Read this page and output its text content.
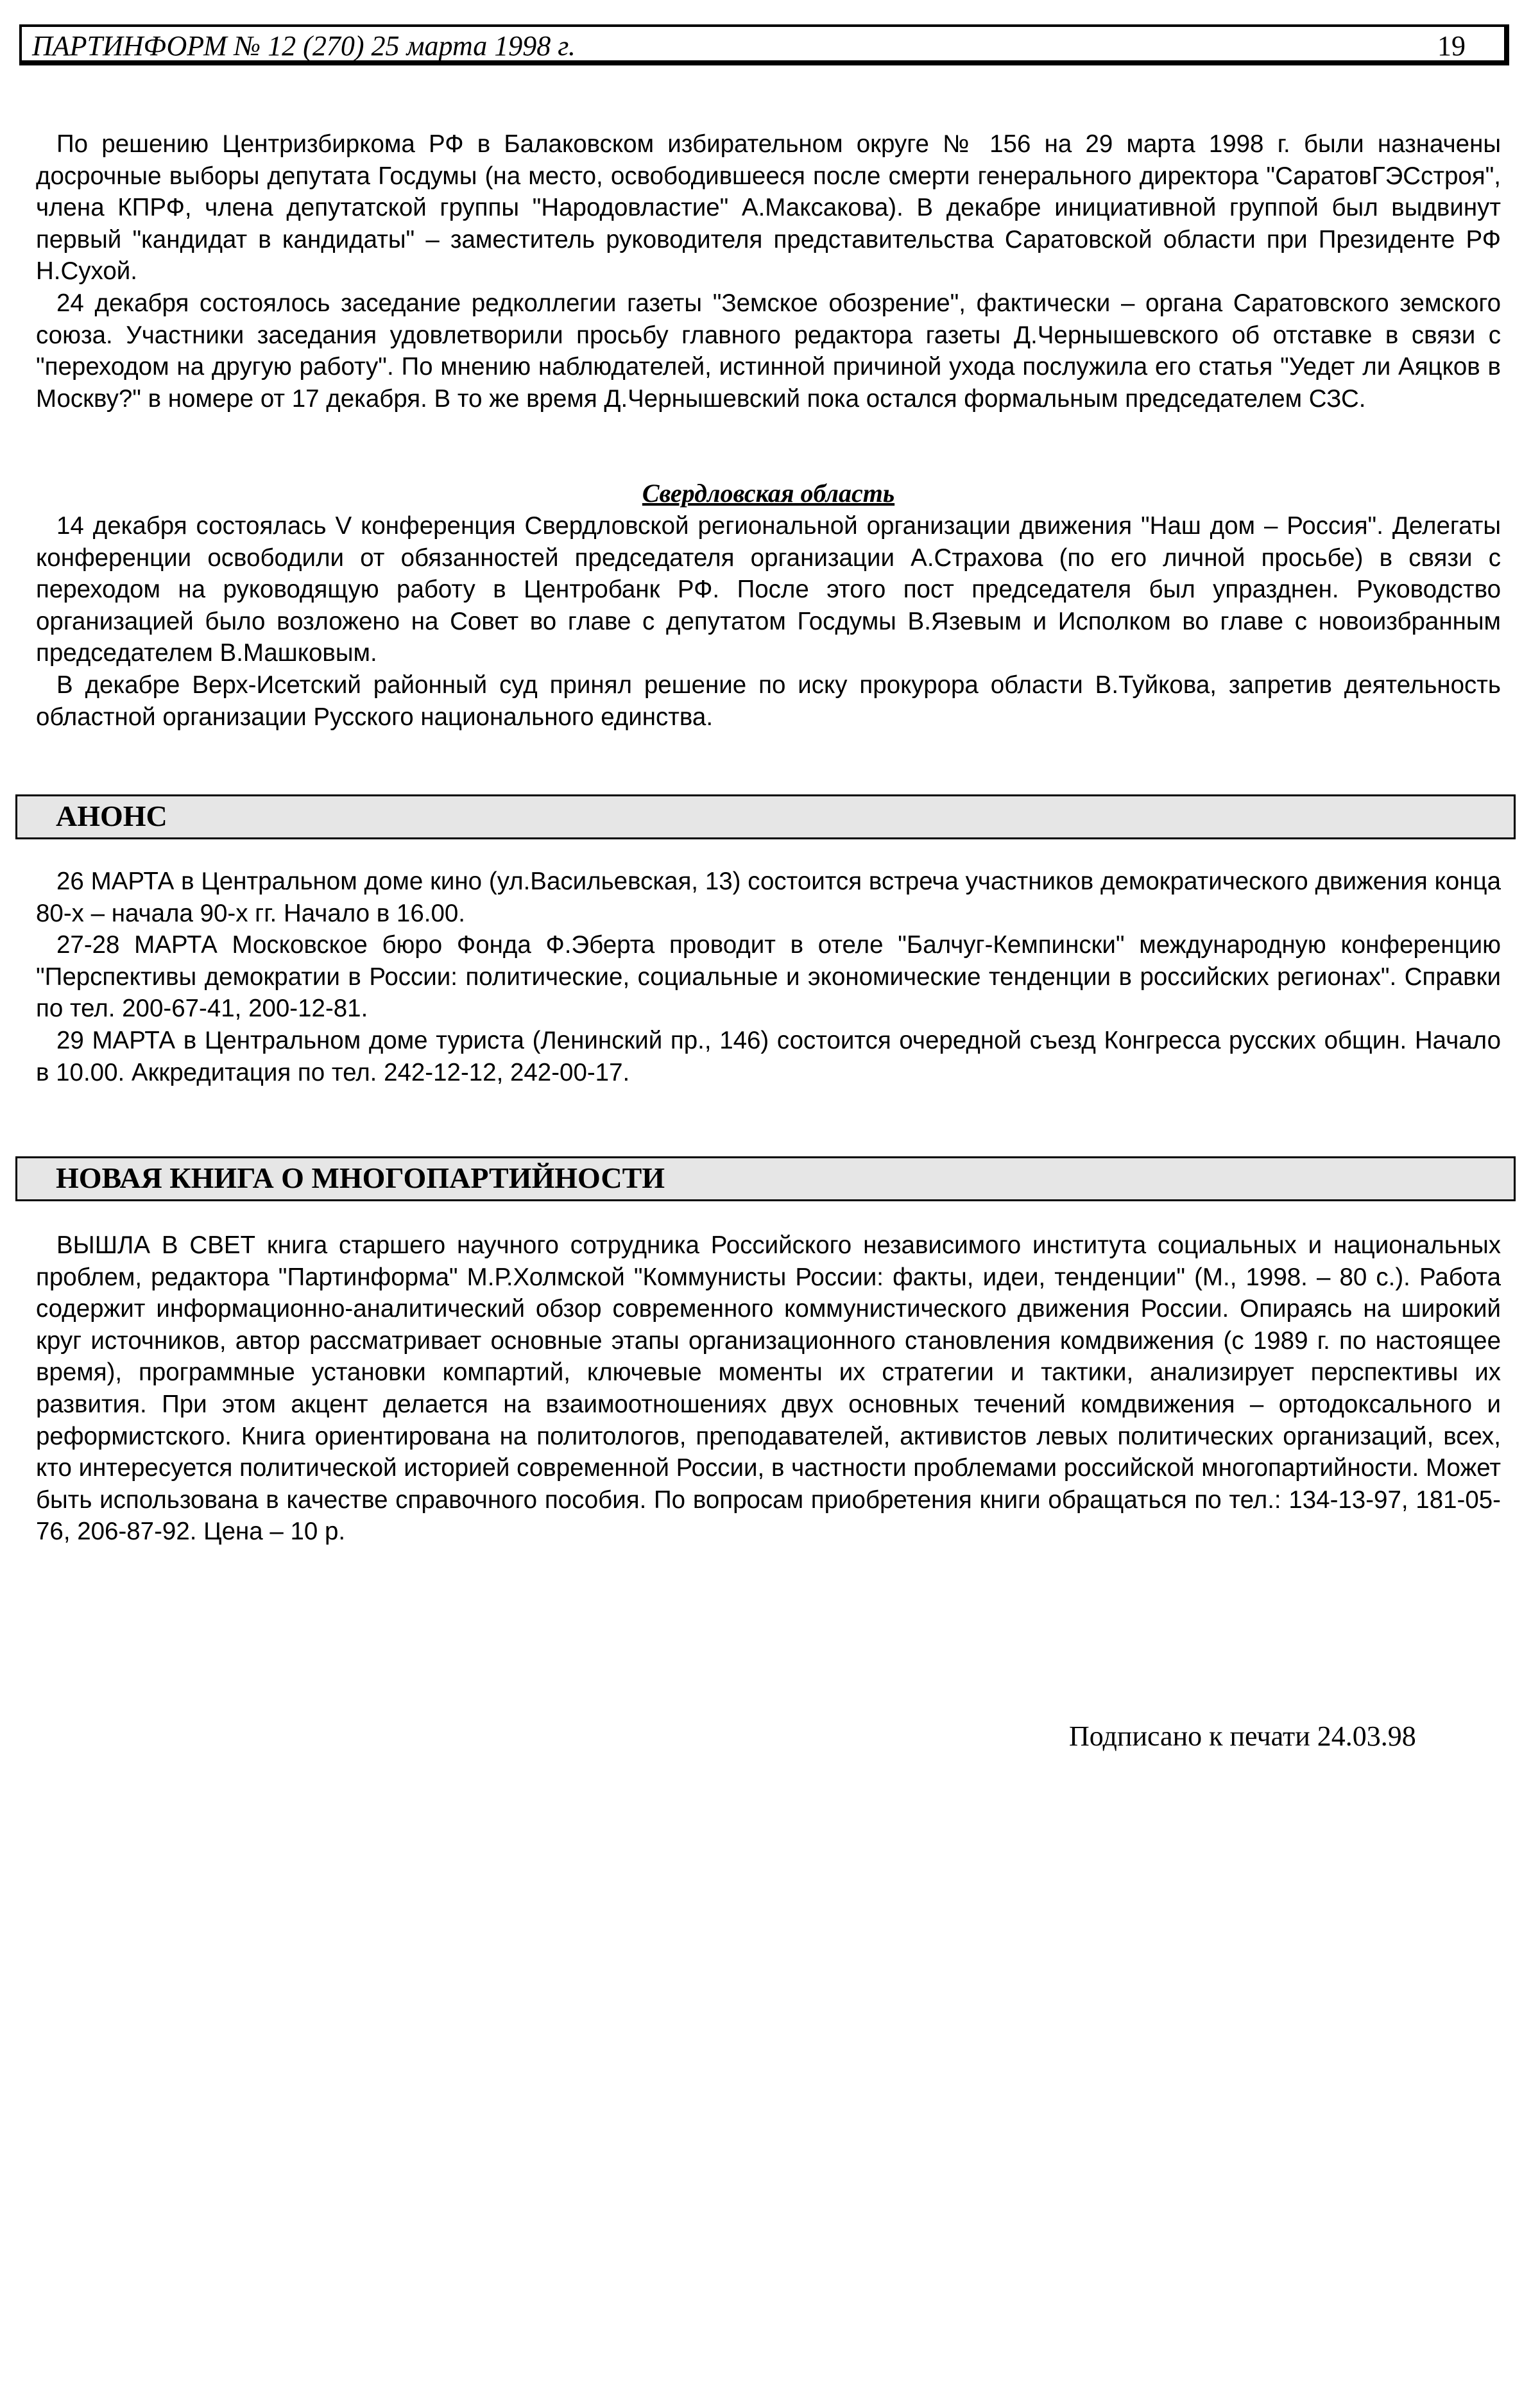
ПАРТИНФОРМ № 12 (270) 25 марта 1998 г.	19

По решению Центризбиркома РФ в Балаковском избирательном округе № 156 на 29 марта 1998 г. были назначены досрочные выборы депутата Госдумы (на место, освободившееся после смерти генерального директора "СаратовГЭСстроя", члена КПРФ, члена депутатской группы "Народовластие" А.Максакова). В декабре инициативной группой был выдвинут первый "кандидат в кандидаты" – заместитель руководителя представительства Саратовской области при Президенте РФ Н.Сухой.

24 декабря состоялось заседание редколлегии газеты "Земское обозрение", фактически – органа Саратовского земского союза. Участники заседания удовлетворили просьбу главного редактора газеты Д.Чернышевского об отставке в связи с "переходом на другую работу". По мнению наблюдателей, истинной причиной ухода послужила его статья "Уедет ли Аяцков в Москву?" в номере от 17 декабря. В то же время Д.Чернышевский пока остался формальным председателем СЗС.

Свердловская область

14 декабря состоялась V конференция Свердловской региональной организации движения "Наш дом – Россия". Делегаты конференции освободили от обязанностей председателя организации А.Страхова (по его личной просьбе) в связи с переходом на руководящую работу в Центробанк РФ. После этого пост председателя был упразднен. Руководство организацией было возложено на Совет во главе с депутатом Госдумы В.Язевым и Исполком во главе с новоизбранным председателем В.Машковым.

В декабре Верх-Исетский районный суд принял решение по иску прокурора области В.Туйкова, запретив деятельность областной организации Русского национального единства.

АНОНС

26 МАРТА в Центральном доме кино (ул.Васильевская, 13) состоится встреча участников демократического движения конца 80-х – начала 90-х гг. Начало в 16.00.

27-28 МАРТА Московское бюро Фонда Ф.Эберта проводит в отеле "Балчуг-Кемпински" международную конференцию "Перспективы демократии в России: политические, социальные и экономические тенденции в российских регионах". Справки по тел. 200-67-41, 200-12-81.

29 МАРТА в Центральном доме туриста (Ленинский пр., 146) состоится очередной съезд Конгресса русских общин. Начало в 10.00. Аккредитация по тел. 242-12-12, 242-00-17.

НОВАЯ КНИГА О МНОГОПАРТИЙНОСТИ

ВЫШЛА В СВЕТ книга старшего научного сотрудника Российского независимого института социальных и национальных проблем, редактора "Партинформа" М.Р.Холмской "Коммунисты России: факты, идеи, тенденции" (М., 1998. – 80 с.). Работа содержит информационно-аналитический обзор современного коммунистического движения России. Опираясь на широкий круг источников, автор рассматривает основные этапы организационного становления комдвижения (с 1989 г. по настоящее время), программные установки компартий, ключевые моменты их стратегии и тактики, анализирует перспективы их развития. При этом акцент делается на взаимоотношениях двух основных течений комдвижения – ортодоксального и реформистского. Книга ориентирована на политологов, преподавателей, активистов левых политических организаций, всех, кто интересуется политической историей современной России, в частности проблемами российской многопартийности. Может быть использована в качестве справочного пособия. По вопросам приобретения книги обращаться по тел.: 134-13-97, 181-05-76, 206-87-92. Цена – 10 р.

Подписано к печати 24.03.98
